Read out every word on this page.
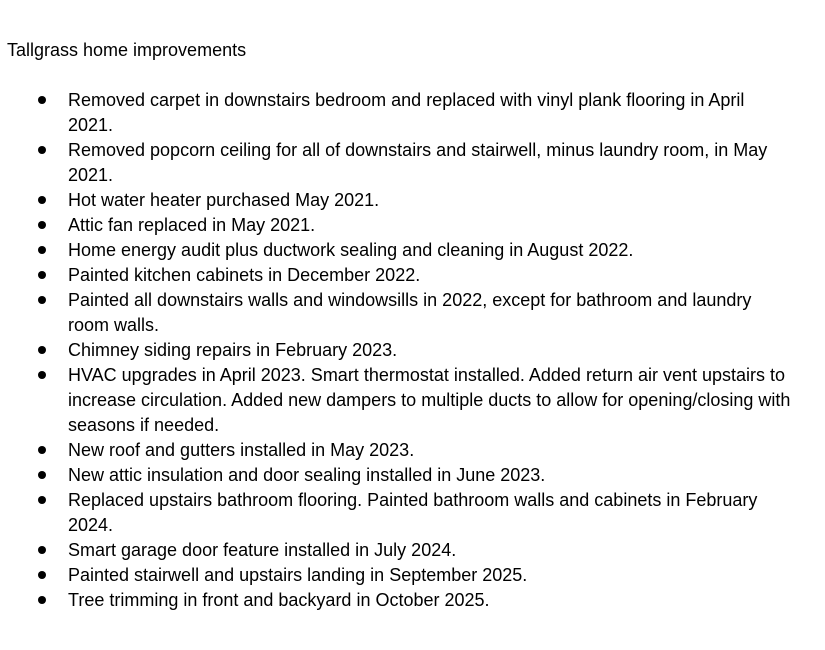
Tallgrass home improvements
Removed carpet in downstairs bedroom and replaced with vinyl plank flooring in April 2021.
Removed popcorn ceiling for all of downstairs and stairwell, minus laundry room, in May 2021.
Hot water heater purchased May 2021.
Attic fan replaced in May 2021.
Home energy audit plus ductwork sealing and cleaning in August 2022.
Painted kitchen cabinets in December 2022.
Painted all downstairs walls and windowsills in 2022, except for bathroom and laundry room walls.
Chimney siding repairs in February 2023.
HVAC upgrades in April 2023. Smart thermostat installed. Added return air vent upstairs to increase circulation. Added new dampers to multiple ducts to allow for opening/closing with seasons if needed.
New roof and gutters installed in May 2023.
New attic insulation and door sealing installed in June 2023.
Replaced upstairs bathroom flooring. Painted bathroom walls and cabinets in February 2024.
Smart garage door feature installed in July 2024.
Painted stairwell and upstairs landing in September 2025.
Tree trimming in front and backyard in October 2025.
